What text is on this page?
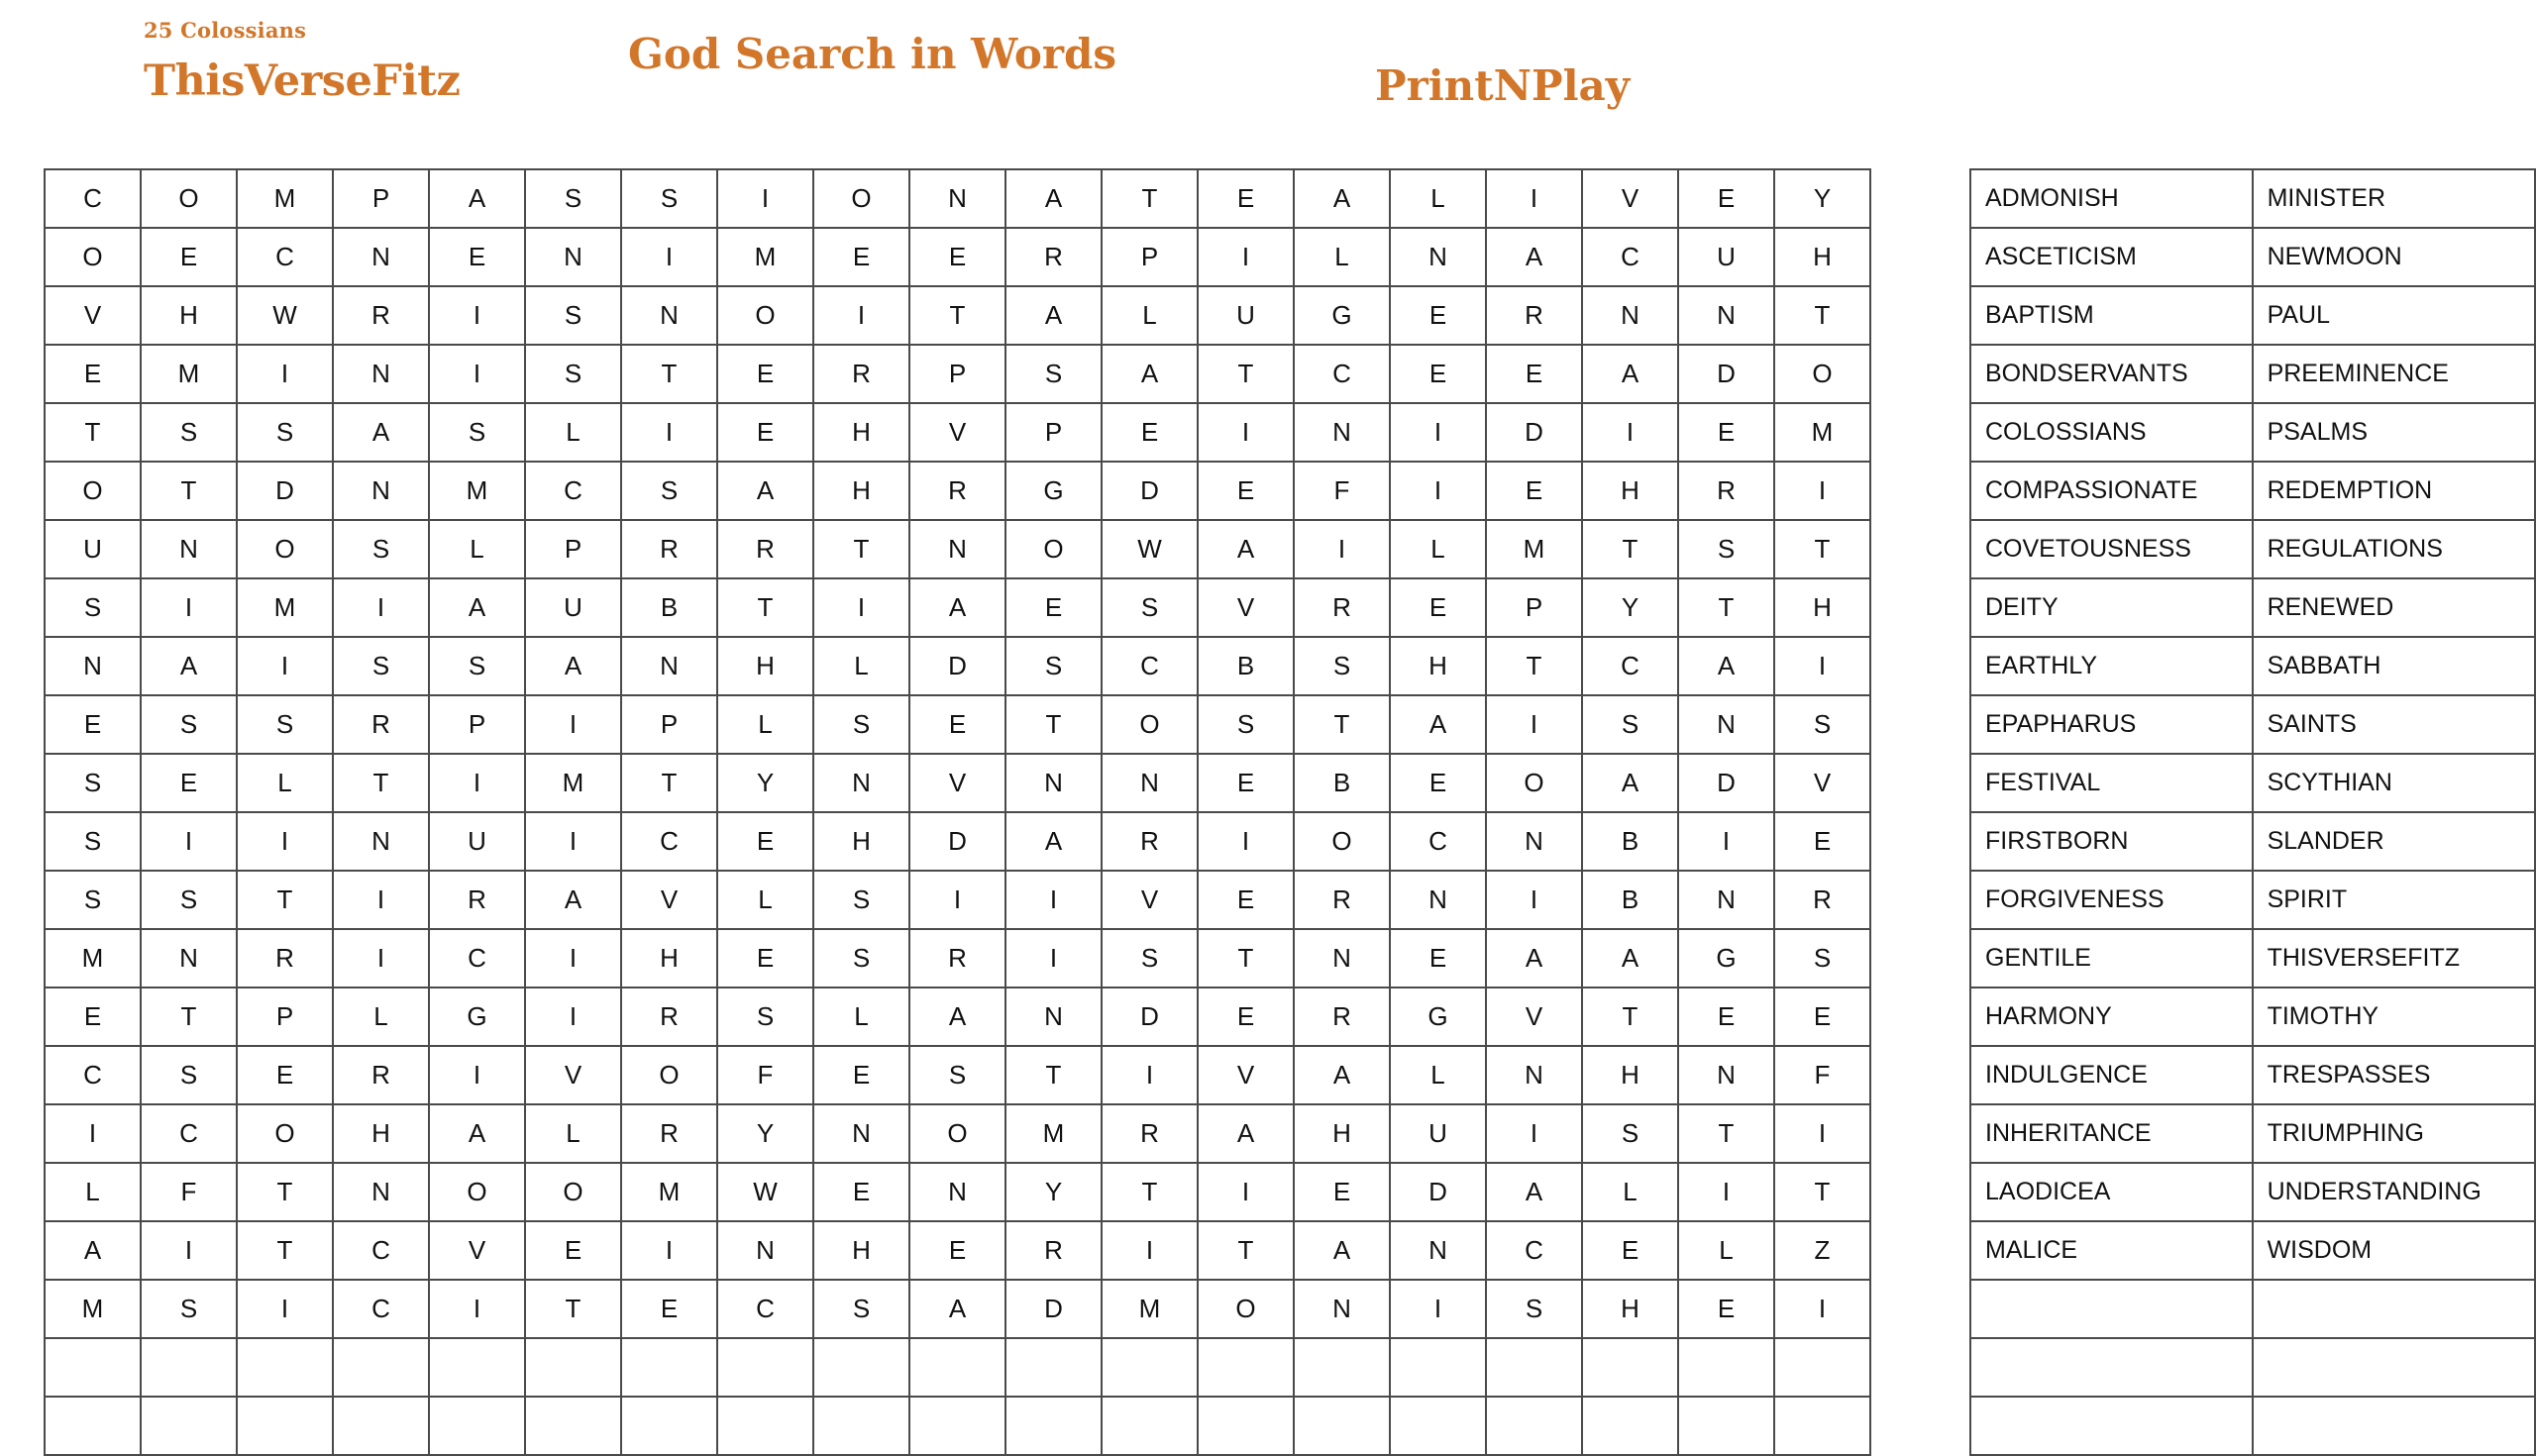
25 Colossians
ThisVerseFitz
God Search in Words
PrintNPlay
C	O	M	P	A	S	S	I	O	N	A	T	E	A	L	I	V	E	Y
O	E	C	N	E	N	I	M	E	E	R	P	I	L	N	A	C	U	H
V	H	W	R	I	S	N	O	I	T	A	L	U	G	E	R	N	N	T
E	M	I	N	I	S	T	E	R	P	S	A	T	C	E	E	A	D	O
T	S	S	A	S	L	I	E	H	V	P	E	I	N	I	D	I	E	M
O	T	D	N	M	C	S	A	H	R	G	D	E	F	I	E	H	R	I
U	N	O	S	L	P	R	R	T	N	O	W	A	I	L	M	T	S	T
S	I	M	I	A	U	B	T	I	A	E	S	V	R	E	P	Y	T	H
N	A	I	S	S	A	N	H	L	D	S	C	B	S	H	T	C	A	I
E	S	S	R	P	I	P	L	S	E	T	O	S	T	A	I	S	N	S
S	E	L	T	I	M	T	Y	N	V	N	N	E	B	E	O	A	D	V
S	I	I	N	U	I	C	E	H	D	A	R	I	O	C	N	B	I	E
S	S	T	I	R	A	V	L	S	I	I	V	E	R	N	I	B	N	R
M	N	R	I	C	I	H	E	S	R	I	S	T	N	E	A	A	G	S
E	T	P	L	G	I	R	S	L	A	N	D	E	R	G	V	T	E	E
C	S	E	R	I	V	O	F	E	S	T	I	V	A	L	N	H	N	F
I	C	O	H	A	L	R	Y	N	O	M	R	A	H	U	I	S	T	I
L	F	T	N	O	O	M	W	E	N	Y	T	I	E	D	A	L	I	T
A	I	T	C	V	E	I	N	H	E	R	I	T	A	N	C	E	L	Z
M	S	I	C	I	T	E	C	S	A	D	M	O	N	I	S	H	E	I

ADMONISH	MINISTER
ASCETICISM	NEWMOON
BAPTISM	PAUL
BONDSERVANTS	PREEMINENCE
COLOSSIANS	PSALMS
COMPASSIONATE	REDEMPTION
COVETOUSNESS	REGULATIONS
DEITY	RENEWED
EARTHLY	SABBATH
EPAPHARUS	SAINTS
FESTIVAL	SCYTHIAN
FIRSTBORN	SLANDER
FORGIVENESS	SPIRIT
GENTILE	THISVERSEFITZ
HARMONY	TIMOTHY
INDULGENCE	TRESPASSES
INHERITANCE	TRIUMPHING
LAODICEA	UNDERSTANDING
MALICE	WISDOM
